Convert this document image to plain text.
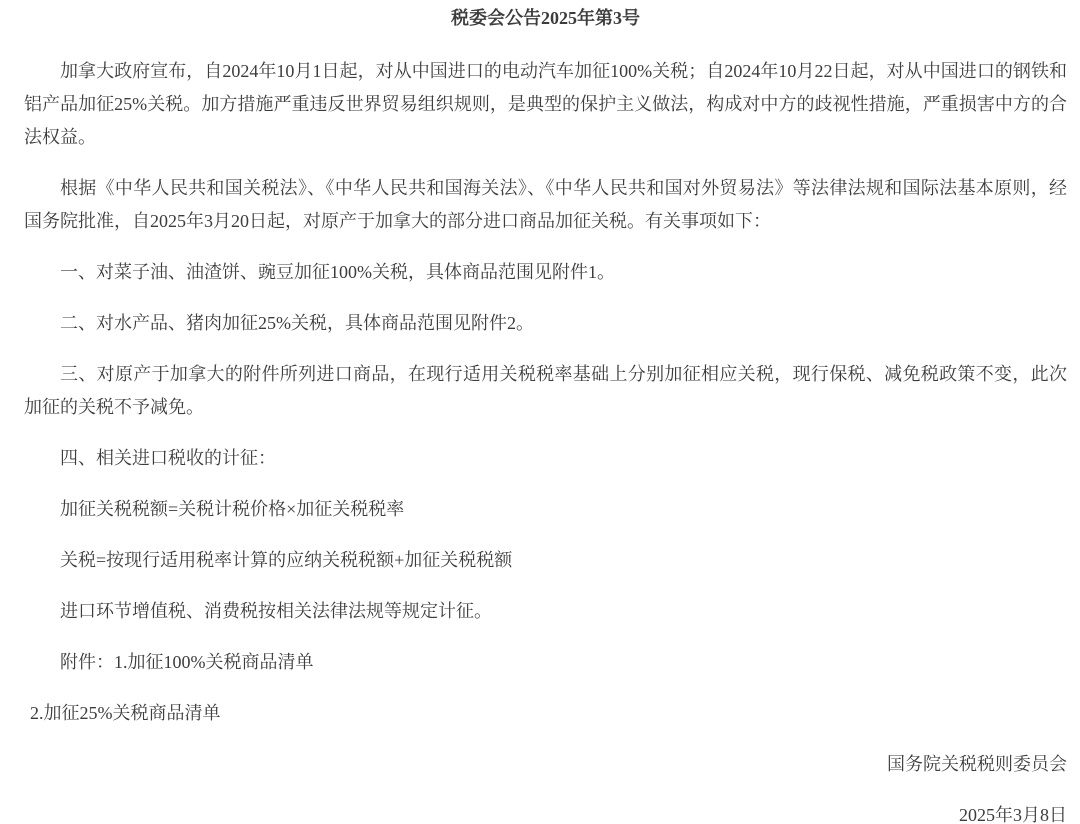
税委会公告2025年第3号

加拿大政府宣布，自2024年10月1日起，对从中国进口的电动汽车加征100%关税；自2024年10月22日起，对从中国进口的钢铁和铝产品加征25%关税。加方措施严重违反世界贸易组织规则，是典型的保护主义做法，构成对中方的歧视性措施，严重损害中方的合法权益。

根据《中华人民共和国关税法》、《中华人民共和国海关法》、《中华人民共和国对外贸易法》等法律法规和国际法基本原则，经国务院批准，自2025年3月20日起，对原产于加拿大的部分进口商品加征关税。有关事项如下：

一、对菜子油、油渣饼、豌豆加征100%关税，具体商品范围见附件1。

二、对水产品、猪肉加征25%关税，具体商品范围见附件2。

三、对原产于加拿大的附件所列进口商品，在现行适用关税税率基础上分别加征相应关税，现行保税、减免税政策不变，此次加征的关税不予减免。

四、相关进口税收的计征：

加征关税税额=关税计税价格×加征关税税率

关税=按现行适用税率计算的应纳关税税额+加征关税税额

进口环节增值税、消费税按相关法律法规等规定计征。

附件：1.加征100%关税商品清单

2.加征25%关税商品清单

国务院关税税则委员会
2025年3月8日
